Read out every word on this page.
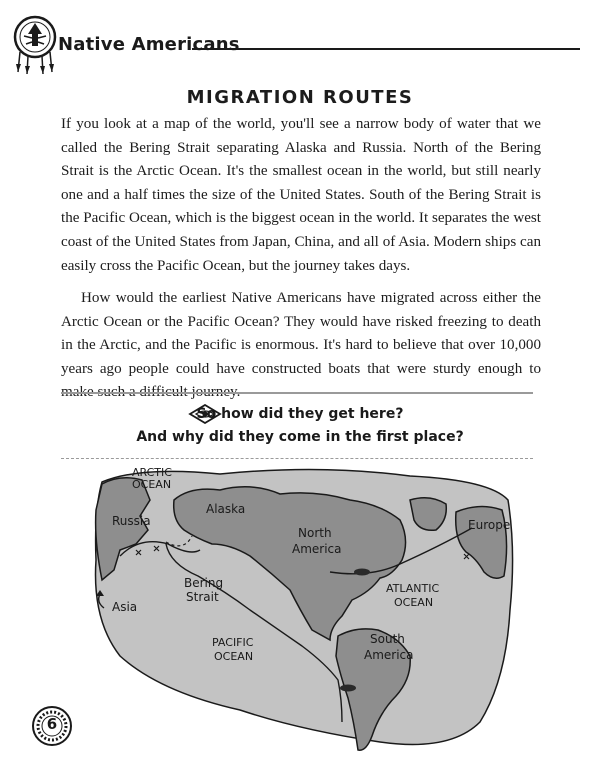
Native Americans
MIGRATION ROUTES

If you look at a map of the world, you'll see a narrow body of water that we called the Bering Strait separating Alaska and Russia. North of the Bering Strait is the Arctic Ocean. It's the smallest ocean in the world, but still nearly one and a half times the size of the United States. South of the Bering Strait is the Pacific Ocean, which is the biggest ocean in the world. It separates the west coast of the United States from Japan, China, and all of Asia. Modern ships can easily cross the Pacific Ocean, but the journey takes days.

How would the earliest Native Americans have migrated across either the Arctic Ocean or the Pacific Ocean? They would have risked freezing to death in the Arctic, and the Pacific is enormous. It's hard to believe that over 10,000 years ago people could have constructed boats that were sturdy enough to make such a difficult journey.

So how did they get here?
And why did they come in the first place?
ARCTIC
OCEAN
Russia
Alaska
North
America
Europe
Bering
Strait
Asia
ATLANTIC
OCEAN
PACIFIC
OCEAN
South
America
6
